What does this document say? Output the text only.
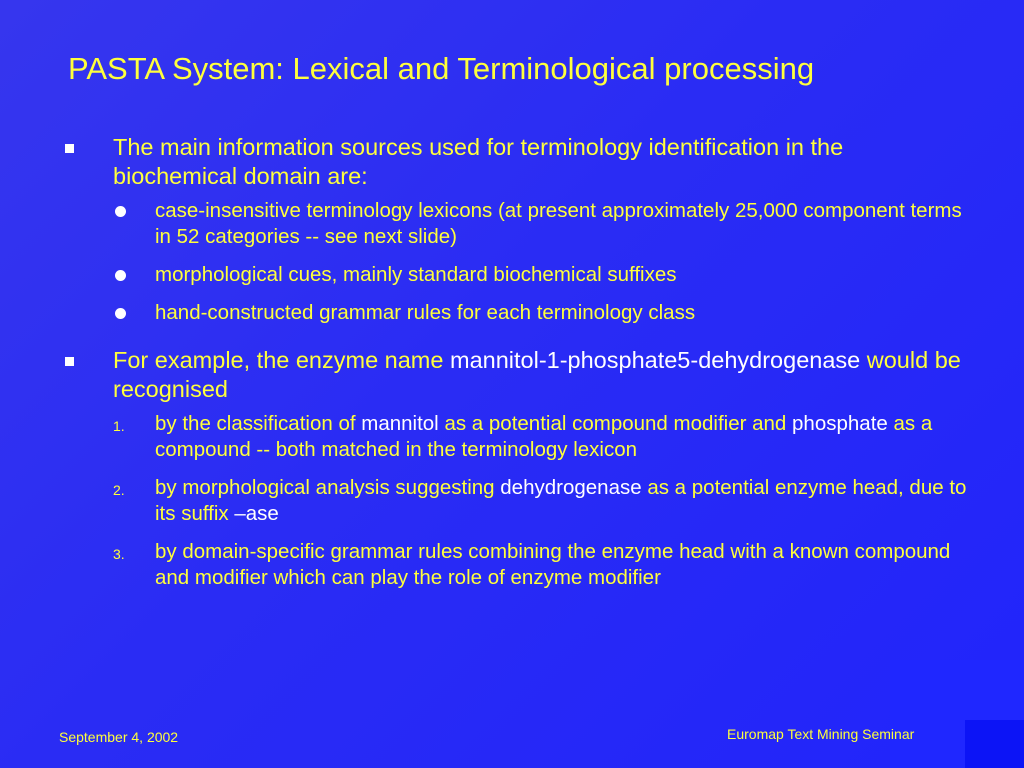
PASTA System: Lexical and Terminological processing
The main information sources used for terminology identification in the biochemical domain are:
case-insensitive terminology lexicons (at present approximately 25,000 component terms in 52 categories -- see next slide)
morphological cues, mainly standard biochemical suffixes
hand-constructed grammar rules for each terminology class
For example, the enzyme name mannitol-1-phosphate5-dehydrogenase would be recognised
1. by the classification of mannitol as a potential compound modifier and phosphate as a compound -- both matched in the terminology lexicon
2. by morphological analysis suggesting dehydrogenase as a potential enzyme head, due to its suffix –ase
3. by domain-specific grammar rules combining the enzyme head with a known compound and modifier which can play the role of enzyme modifier
September 4, 2002	Euromap Text Mining Seminar
